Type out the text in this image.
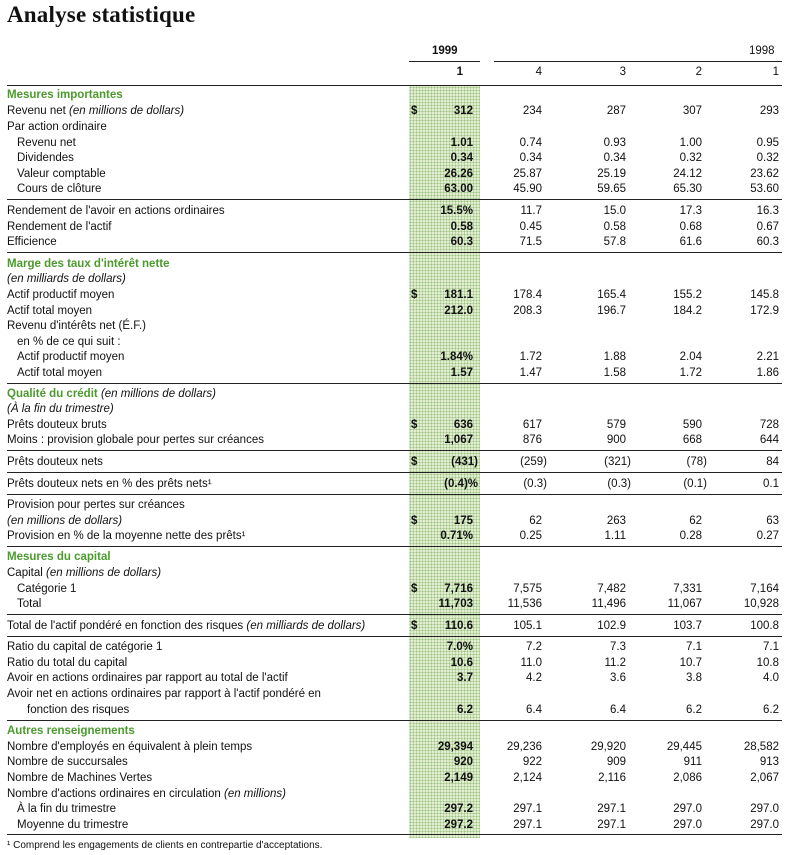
Analyse statistique
1999	1998
1	4	3	2	1
Mesures importantes
Revenu net (en millions de dollars)	$	312	234	287	307	293
Par action ordinaire
Revenu net	1.01	0.74	0.93	1.00	0.95
Dividendes	0.34	0.34	0.34	0.32	0.32
Valeur comptable	26.26	25.87	25.19	24.12	23.62
Cours de clôture	63.00	45.90	59.65	65.30	53.60
Rendement de l'avoir en actions ordinaires	15.5%	11.7	15.0	17.3	16.3
Rendement de l'actif	0.58	0.45	0.58	0.68	0.67
Efficience	60.3	71.5	57.8	61.6	60.3
Marge des taux d'intérêt nette
(en milliards de dollars)
Actif productif moyen	$ 181.1	178.4	165.4	155.2	145.8
Actif total moyen	212.0	208.3	196.7	184.2	172.9
Revenu d'intérêts net (É.F.)
en % de ce qui suit :
Actif productif moyen	1.84%	1.72	1.88	2.04	2.21
Actif total moyen	1.57	1.47	1.58	1.72	1.86
Qualité du crédit (en millions de dollars)
(À la fin du trimestre)
Prêts douteux bruts	$	636	617	579	590	728
Moins : provision globale pour pertes sur créances	1,067	876	900	668	644
Prêts douteux nets	$	(431)	(259)	(321)	(78)	84
Prêts douteux nets en % des prêts nets¹	(0.4)%	(0.3)	(0.3)	(0.1)	0.1
Provision pour pertes sur créances
(en millions de dollars)	$	175	62	263	62	63
Provision en % de la moyenne nette des prêts¹	0.71%	0.25	1.11	0.28	0.27
Mesures du capital
Capital (en millions de dollars)
Catégorie 1	$ 7,716	7,575	7,482	7,331	7,164
Total	11,703	11,536	11,496	11,067	10,928
Total de l'actif pondéré en fonction des risques (en milliards de dollars)	$ 110.6	105.1	102.9	103.7	100.8
Ratio du capital de catégorie 1	7.0%	7.2	7.3	7.1	7.1
Ratio du total du capital	10.6	11.0	11.2	10.7	10.8
Avoir en actions ordinaires par rapport au total de l'actif	3.7	4.2	3.6	3.8	4.0
Avoir net en actions ordinaires par rapport à l'actif pondéré en
fonction des risques	6.2	6.4	6.4	6.2	6.2
Autres renseignements
Nombre d'employés en équivalent à plein temps	29,394	29,236	29,920	29,445	28,582
Nombre de succursales	920	922	909	911	913
Nombre de Machines Vertes	2,149	2,124	2,116	2,086	2,067
Nombre d'actions ordinaires en circulation (en millions)
À la fin du trimestre	297.2	297.1	297.1	297.0	297.0
Moyenne du trimestre	297.2	297.1	297.1	297.0	297.0
¹ Comprend les engagements de clients en contrepartie d'acceptations.
